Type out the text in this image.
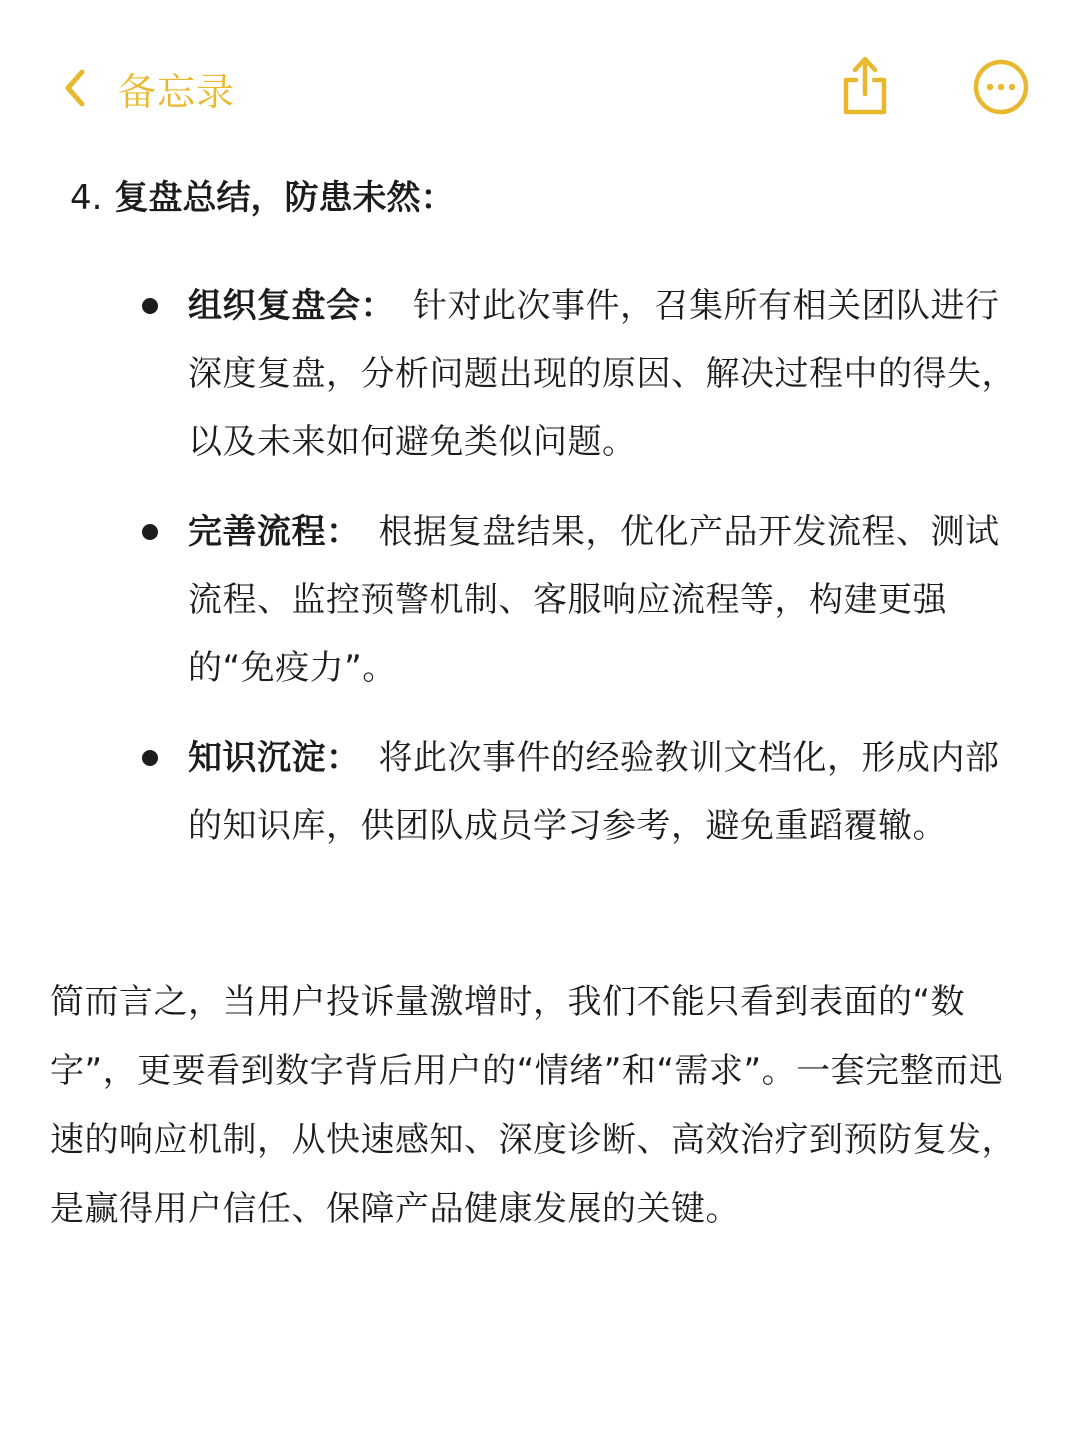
备忘录
4. 复盘总结，防患未然：
组织复盘会： 针对此次事件，召集所有相关团队进行深度复盘，分析问题出现的原因、解决过程中的得失，以及未来如何避免类似问题。
完善流程： 根据复盘结果，优化产品开发流程、测试流程、监控预警机制、客服响应流程等，构建更强的“免疫力”。
知识沉淀： 将此次事件的经验教训文档化，形成内部的知识库，供团队成员学习参考，避免重蹈覆辙。
简而言之，当用户投诉量激增时，我们不能只看到表面的“数字”，更要看到数字背后用户的“情绪”和“需求”。一套完整而迅速的响应机制，从快速感知、深度诊断、高效治疗到预防复发，是赢得用户信任、保障产品健康发展的关键。
